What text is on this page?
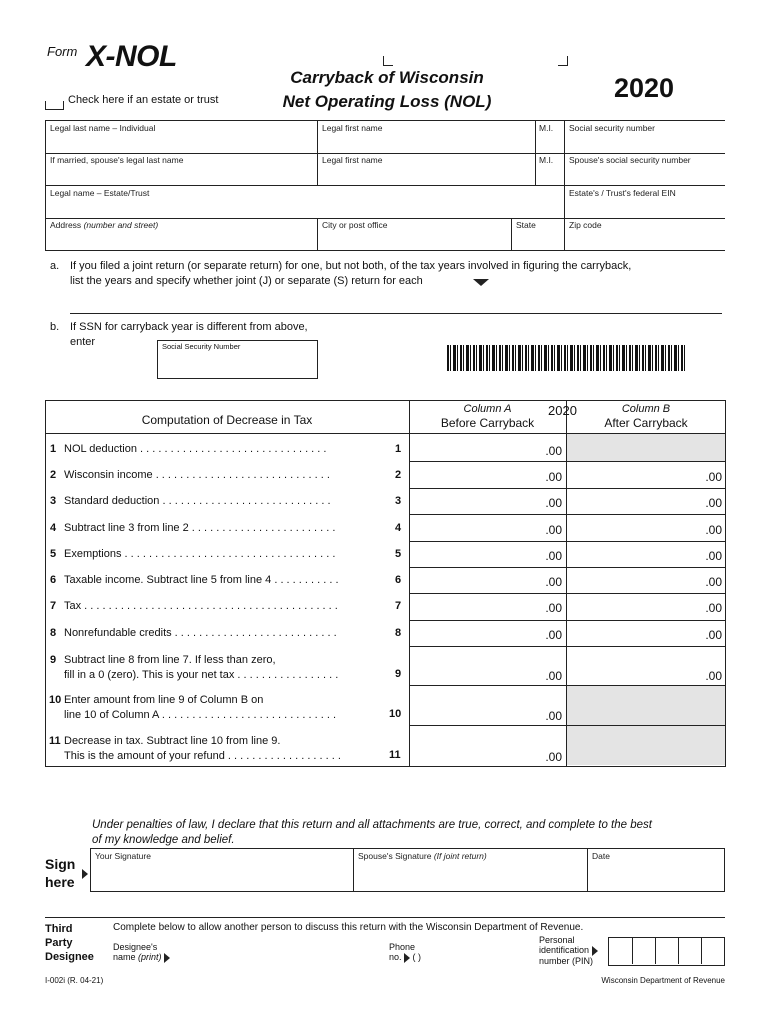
Form X-NOL
Carryback of Wisconsin
Net Operating Loss (NOL)	2020
Check here if an estate or trust
Legal last name – Individual	Legal first name	M.I. Social security number
If married, spouse's legal last name	Legal first name	M.I. Spouse's social security number
Legal name – Estate/Trust	Estate's / Trust's federal EIN
Address (number and street)	City or post office	State	Zip code
a. If you filed a joint return (or separate return) for one, but not both, of the tax years involved in figuring the carryback,
list the years and specify whether joint (J) or separate (S) return for each
b. If SSN for carryback year is different from above,
enter	Social Security Number
Computation of Decrease in Tax
Column A
Before Carryback
2020	Column B
After Carryback
1 NOL deduction . . . . . . . . . . . . . . . . . . . . . . . . . . . . . . .	1	.00
2 Wisconsin income . . . . . . . . . . . . . . . . . . . . . . . . . . . . .	2	.00	.00
3 Standard deduction . . . . . . . . . . . . . . . . . . . . . . . . . . . .	3	.00	.00
4 Subtract line 3 from line 2 . . . . . . . . . . . . . . . . . . . . . . . .	4	.00	.00
5 Exemptions . . . . . . . . . . . . . . . . . . . . . . . . . . . . . . . . . . .	5	.00	.00
6 Taxable income. Subtract line 5 from line 4 . . . . . . . . . . .	6	.00	.00
7 Tax . . . . . . . . . . . . . . . . . . . . . . . . . . . . . . . . . . . . . . . . . .	7	.00	.00
8 Nonrefundable credits . . . . . . . . . . . . . . . . . . . . . . . . . . .	8	.00	.00
9 Subtract line 8 from line 7. If less than zero,
fill in a 0 (zero). This is your net tax . . . . . . . . . . . . . . . . .	9	.00	.00
10 Enter amount from line 9 of Column B on
line 10 of Column A . . . . . . . . . . . . . . . . . . . . . . . . . . . . .	10	.00
11 Decrease in tax. Subtract line 10 from line 9.
This is the amount of your refund . . . . . . . . . . . . . . . . . . .	11	.00
Under penalties of law, I declare that this return and all attachments are true, correct, and complete to the best
of my knowledge and belief.
Sign
here
Your Signature	Spouse's Signature (If joint return)	Date
Third
Party
Designee
Complete below to allow another person to discuss this return with the Wisconsin Department of Revenue.
Designee's
name (print)
Phone
no. ( )
Personal
identification
number (PIN)
I-002i (R. 04-21)	Wisconsin Department of Revenue
